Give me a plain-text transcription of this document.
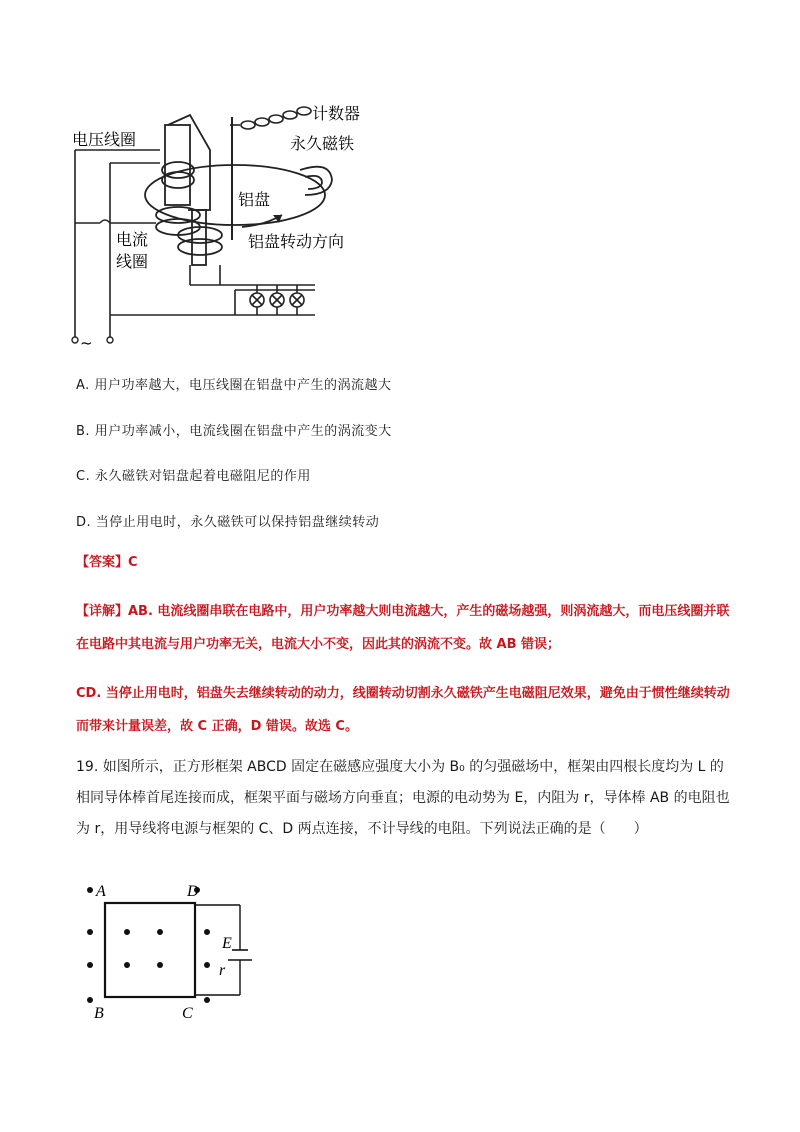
电压线圈
计数器
永久磁铁
铝盘
电流
线圈
铝盘转动方向
~
A. 用户功率越大，电压线圈在铝盘中产生的涡流越大
B. 用户功率减小，电流线圈在铝盘中产生的涡流变大
C. 永久磁铁对铝盘起着电磁阻尼的作用
D. 当停止用电时，永久磁铁可以保持铝盘继续转动
【答案】C
【详解】AB. 电流线圈串联在电路中，用户功率越大则电流越大，产生的磁场越强，则涡流越大，而电压线圈并联在电路中其电流与用户功率无关，电流大小不变，因此其的涡流不变。故 AB 错误；
CD. 当停止用电时，铝盘失去继续转动的动力，线圈转动切割永久磁铁产生电磁阻尼效果，避免由于惯性继续转动而带来计量误差，故 C 正确，D 错误。故选 C。
19. 如图所示，正方形框架 ABCD 固定在磁感应强度大小为 B₀ 的匀强磁场中，框架由四根长度均为 L 的相同导体棒首尾连接而成，框架平面与磁场方向垂直；电源的电动势为 E，内阻为 r，导体棒 AB 的电阻也为 r，用导线将电源与框架的 C、D 两点连接，不计导线的电阻。下列说法正确的是（　　）
A	D
B	C
E
r
